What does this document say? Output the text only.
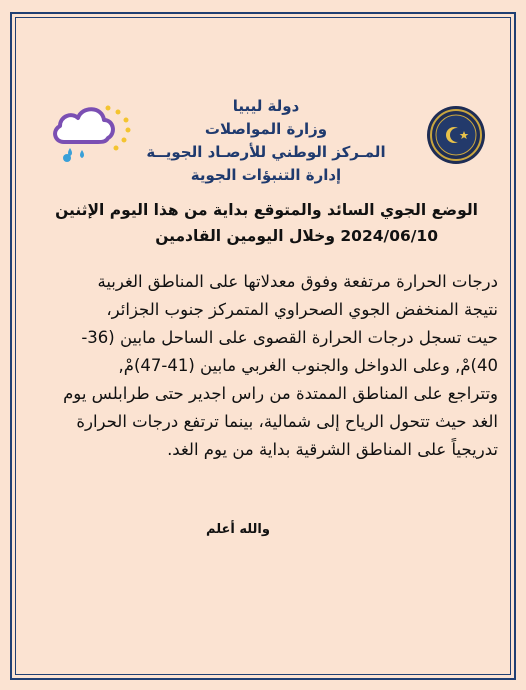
دولة ليبيا
وزارة المواصلات
المـركز الوطني للأرصـاد الجويــة
إدارة التنبؤات الجوية
الوضع الجوي السائد والمتوقع بداية من هذا اليوم الإثنين
2024/06/10 وخلال اليومين القادمين
درجات الحرارة مرتفعة وفوق معدلاتها على المناطق الغربية
نتيجة المنخفض الجوي الصحراوي المتمركز جنوب الجزائر،
حيت تسجل درجات الحرارة القصوى على الساحل مابين (36-
40)مْ, وعلى الدواخل والجنوب الغربي مابين (41-47)مْ,
وتتراجع على المناطق الممتدة من راس اجدير حتى طرابلس يوم
الغد حيث تتحول الرياح إلى شمالية، بينما ترتفع درجات الحرارة
تدريجياً على المناطق الشرقية بداية من يوم الغد.
والله أعلم
